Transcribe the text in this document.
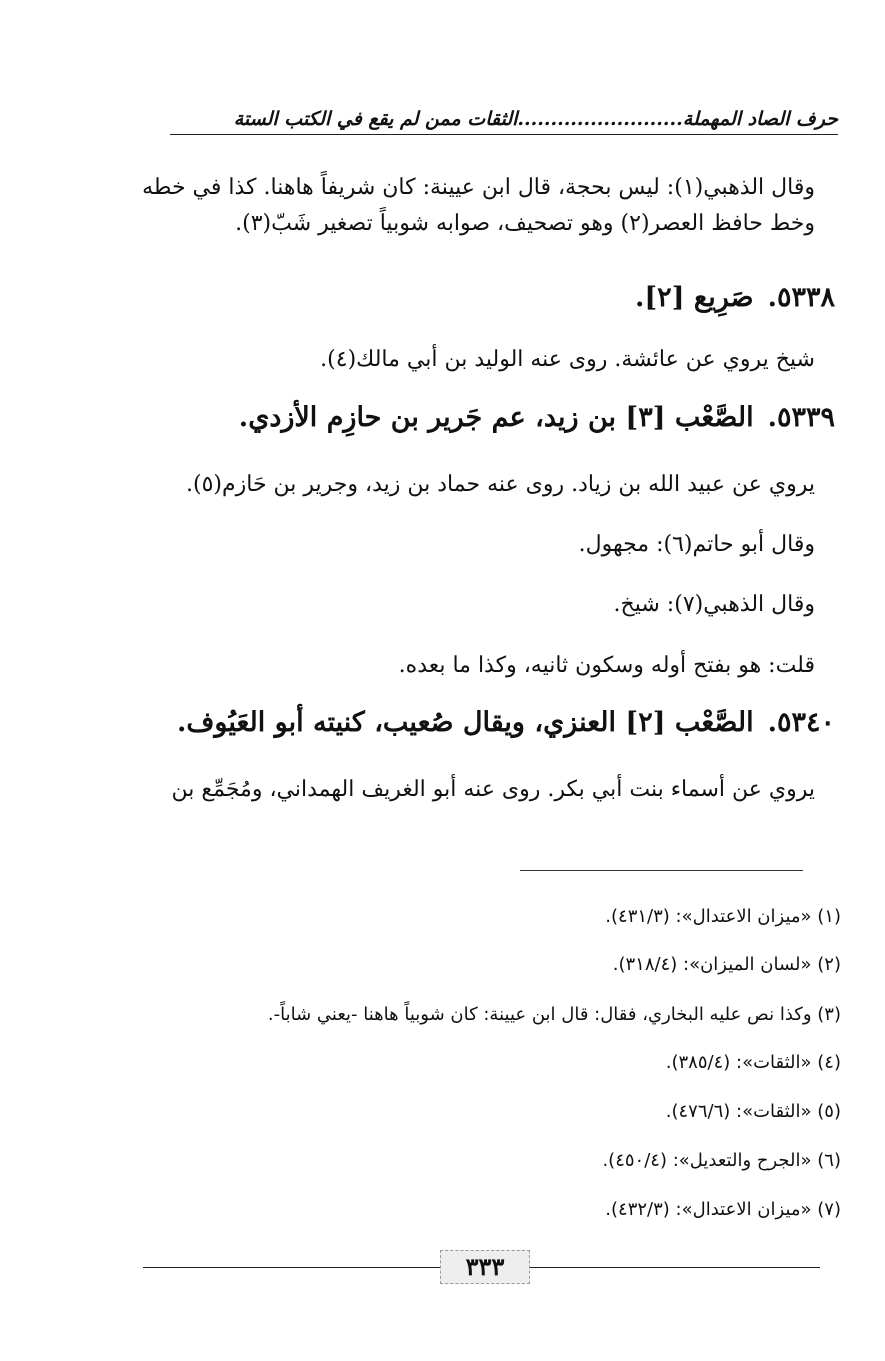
حرف الصاد المهملة.........................الثقات ممن لم يقع في الكتب الستة
وقال الذهبي(١): ليس بحجة، قال ابن عيينة: كان شريفاً هاهنا. كذا في خطه
وخط حافظ العصر(٢) وهو تصحيف، صوابه شوبياً تصغير شَبّ(٣).
٥٣٣٨.صَرِيع [٢].
شيخ يروي عن عائشة. روى عنه الوليد بن أبي مالك(٤).
٥٣٣٩.الصَّعْب [٣] بن زيد، عم جَرير بن حازِم الأزدي.
يروي عن عبيد الله بن زياد. روى عنه حماد بن زيد، وجرير بن حَازم(٥).
وقال أبو حاتم(٦): مجهول.
وقال الذهبي(٧): شيخ.
قلت: هو بفتح أوله وسكون ثانيه، وكذا ما بعده.
٥٣٤٠.الصَّعْب [٢] العنزي، ويقال صُعيب، كنيته أبو العَيُوف.
يروي عن أسماء بنت أبي بكر. روى عنه أبو الغريف الهمداني، ومُجَمِّع بن
(١) «ميزان الاعتدال»: (٤٣١/٣).
(٢) «لسان الميزان»: (٣١٨/٤).
(٣) وكذا نص عليه البخاري، فقال: قال ابن عيينة: كان شوبياً هاهنا -يعني شاباً-.
(٤) «الثقات»: (٣٨٥/٤).
(٥) «الثقات»: (٤٧٦/٦).
(٦) «الجرح والتعديل»: (٤٥٠/٤).
(٧) «ميزان الاعتدال»: (٤٣٢/٣).
٣٣٣
